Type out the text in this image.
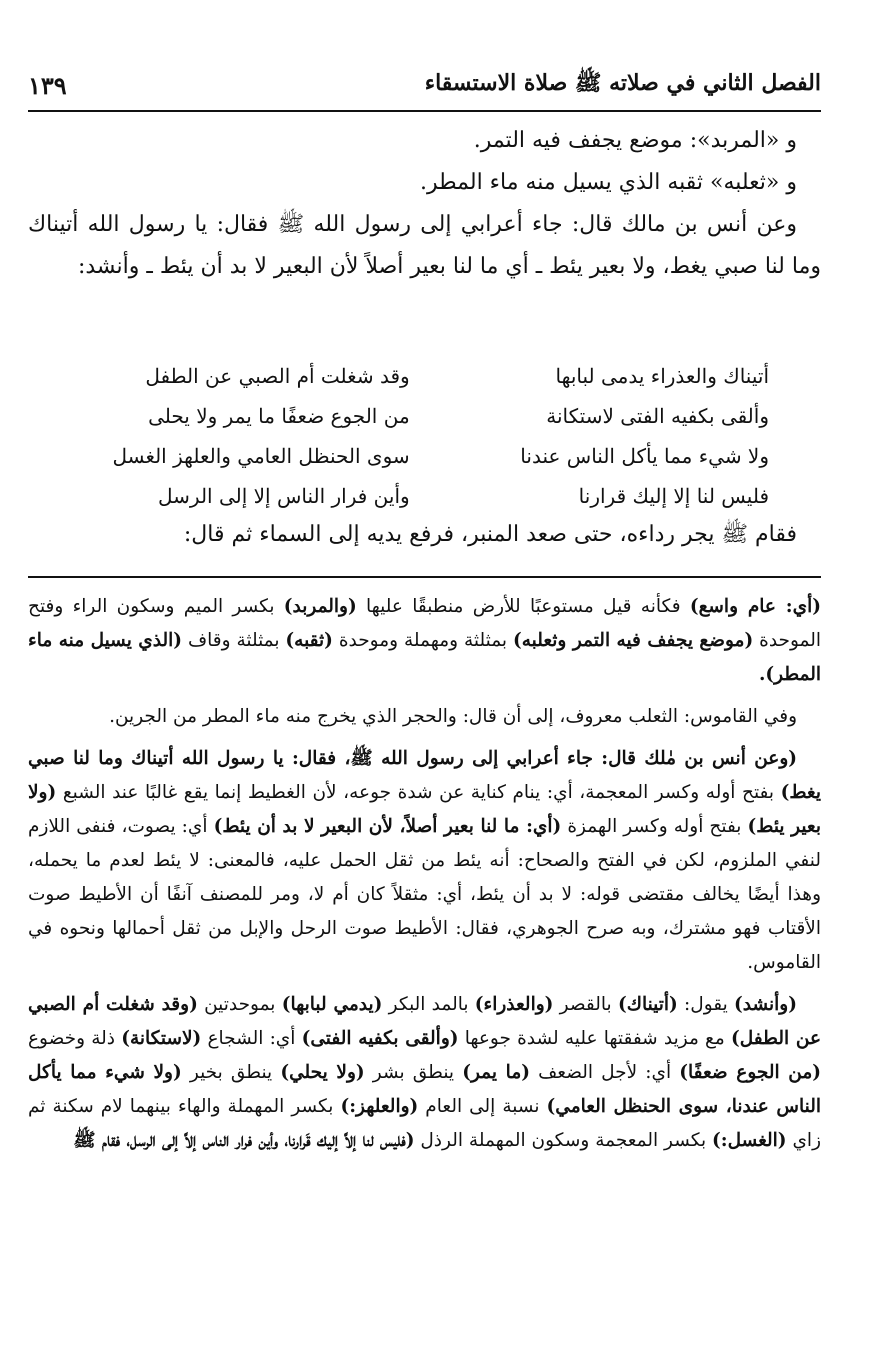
١٣٩	الفصل الثاني في صلاته ﷺ صلاة الاستسقاء

و «المربد»: موضع يجفف فيه التمر.

و «ثعلبه» ثقبه الذي يسيل منه ماء المطر.

وعن أنس بن مالك قال: جاء أعرابي إلى رسول الله ﷺ فقال: يا رسول الله أتيناك وما لنا صبي يغط، ولا بعير يئط ـ أي ما لنا بعير أصلاً لأن البعير لا بد أن يئط ـ وأنشد:

أتيناك والعذراء يدمى لبابها
وقد شغلت أم الصبي عن الطفل
وألقى بكفيه الفتى لاستكانة
من الجوع ضعفًا ما يمر ولا يحلى
ولا شيء مما يأكل الناس عندنا
سوى الحنظل العامي والعلهز الغسل
فليس لنا إلا إليك قرارنا
وأين فرار الناس إلا إلى الرسل

فقام ﷺ يجر رداءه، حتى صعد المنبر، فرفع يديه إلى السماء ثم قال:

(أي: عام واسع) فكأنه قيل مستوعبًا للأرض منطبقًا عليها (والمربد) بكسر الميم وسكون الراء وفتح الموحدة (موضع يجفف فيه التمر وثعلبه) بمثلثة ومهملة وموحدة (ثقبه) بمثلثة وقاف (الذي يسيل منه ماء المطر).

وفي القاموس: الثعلب معروف، إلى أن قال: والحجر الذي يخرج منه ماء المطر من الجرين.

(وعن أنس بن مٰلك قال: جاء أعرابي إلى رسول الله ﷺ، فقال: يا رسول الله أتيناك وما لنا صبي يغط) بفتح أوله وكسر المعجمة، أي: ينام كناية عن شدة جوعه، لأن الغطيط إنما يقع غالبًا عند الشبع (ولا بعير يئط) بفتح أوله وكسر الهمزة (أي: ما لنا بعير أصلاً، لأن البعير لا بد أن يئط) أي: يصوت، فنفى اللازم لنفي الملزوم، لكن في الفتح والصحاح: أنه يئط من ثقل الحمل عليه، فالمعنى: لا يئط لعدم ما يحمله، وهذا أيضًا يخالف مقتضى قوله: لا بد أن يئط، أي: مثقلاً كان أم لا، ومر للمصنف آنفًا أن الأطيط صوت الأقتاب فهو مشترك، وبه صرح الجوهري، فقال: الأطيط صوت الرحل والإبل من ثقل أحمالها ونحوه في القاموس.

(وأنشد) يقول: (أتيناك) بالقصر (والعذراء) بالمد البكر (يدمي لبابها) بموحدتين (وقد شغلت أم الصبي عن الطفل) مع مزيد شفقتها عليه لشدة جوعها (وألقى بكفيه الفتى) أي: الشجاع (لاستكانة) ذلة وخضوع (من الجوع ضعفًا) أي: لأجل الضعف (ما يمر) ينطق بشر (ولا يحلي) ينطق بخير (ولا شيء مما يأكل الناس عندنا، سوى الحنظل العامي) نسبة إلى العام (والعلهز:) بكسر المهملة والهاء بينهما لام سكنة ثم زاي (الغسل:) بكسر المعجمة وسكون المهملة الرذل (فليس لنا إلاَّ إليك قَرارنا، وأين فرار الناس إلاَّ إلى الرسل، فقام ﷺ
